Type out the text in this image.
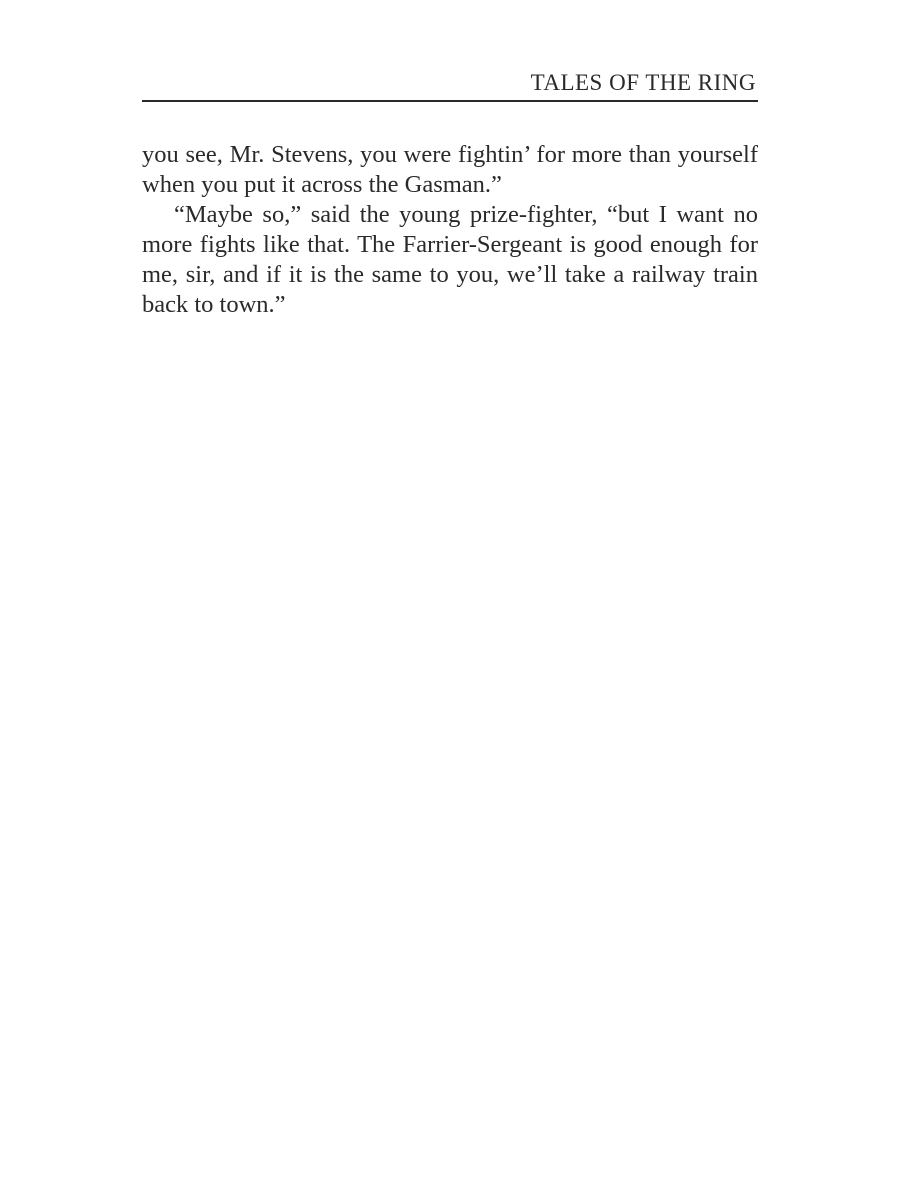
TALES OF THE RING

you see, Mr. Stevens, you were fightin’ for more than yourself when you put it across the Gasman.”

“Maybe so,” said the young prize-fighter, “but I want no more fights like that. The Farrier-Sergeant is good enough for me, sir, and if it is the same to you, we’ll take a railway train back to town.”
